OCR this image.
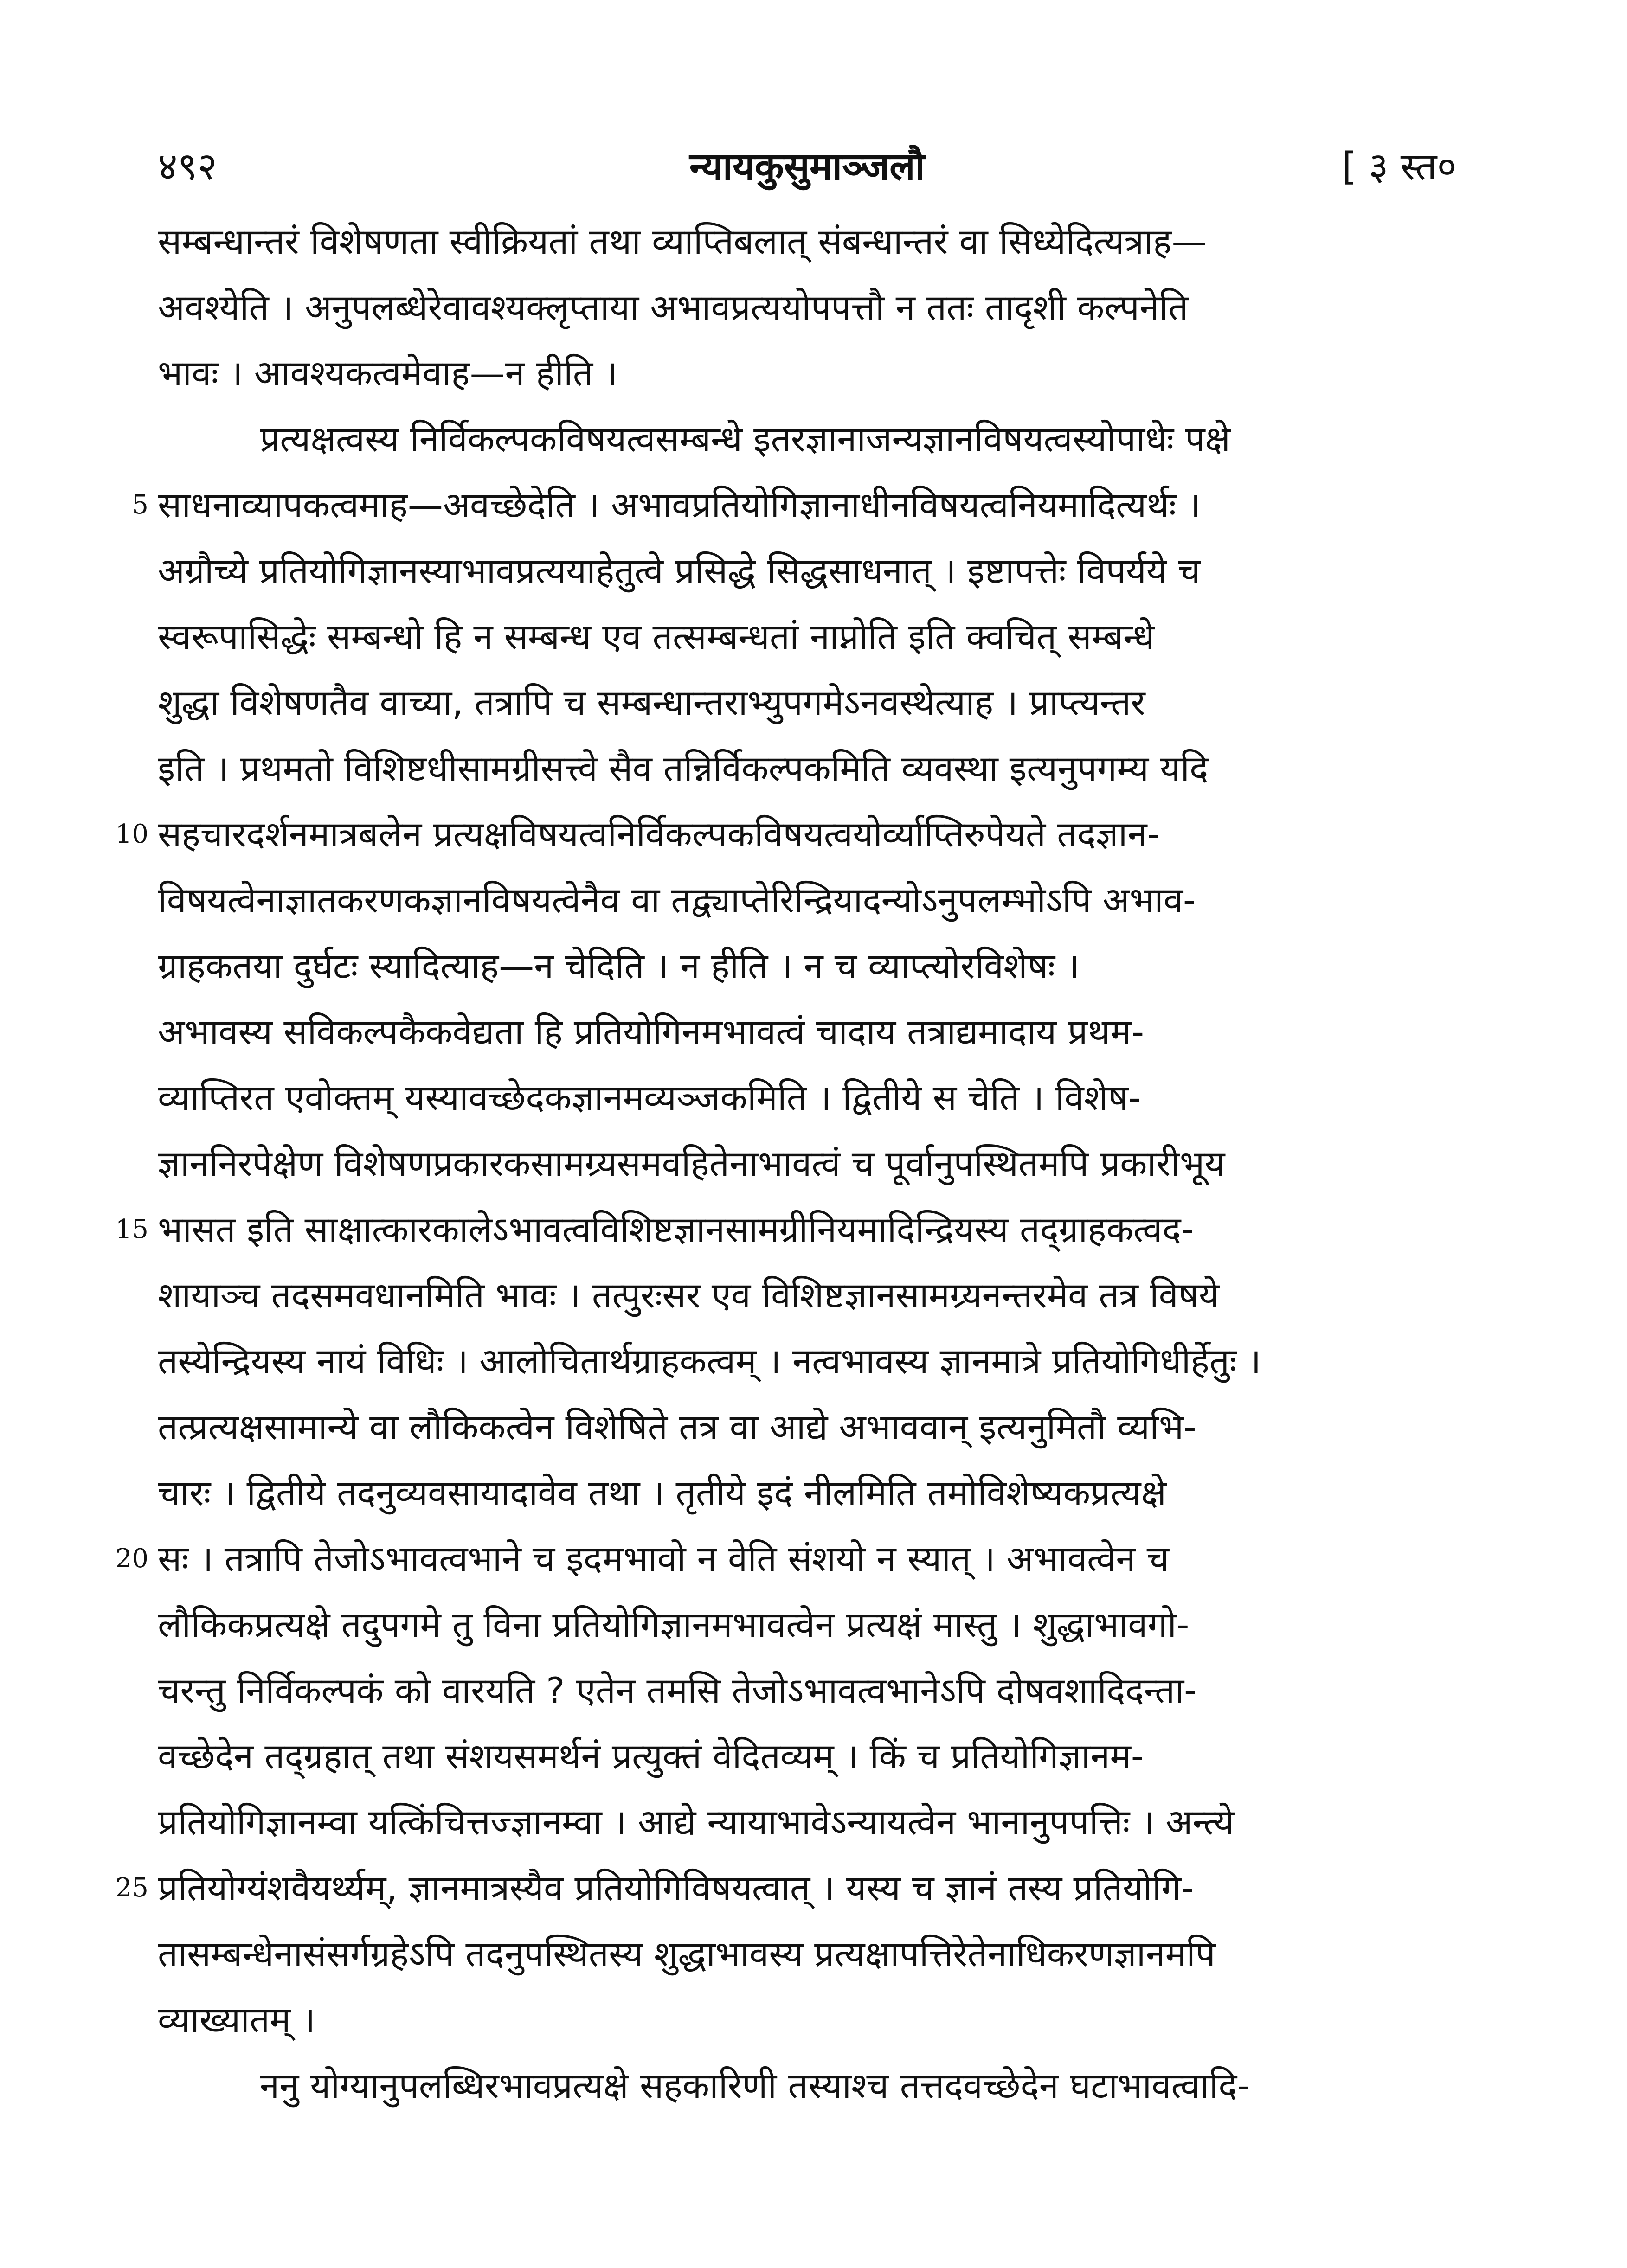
४९२	न्यायकुसुमाञ्जलौ	[ ३ स्त०
सम्बन्धान्तरं विशेषणता स्वीक्रियतां तथा व्याप्तिबलात् संबन्धान्तरं वा सिध्येदित्यत्राह—
अवश्येति । अनुपलब्धेरेवावश्यक्लृप्ताया अभावप्रत्ययोपपत्तौ न ततः तादृशी कल्पनेति
भावः । आवश्यकत्वमेवाह—न हीति ।
प्रत्यक्षत्वस्य निर्विकल्पकविषयत्वसम्बन्धे इतरज्ञानाजन्यज्ञानविषयत्वस्योपाधेः पक्षे
5 साधनाव्यापकत्वमाह—अवच्छेदेति । अभावप्रतियोगिज्ञानाधीनविषयत्वनियमादित्यर्थः ।
अग्रौच्ये प्रतियोगिज्ञानस्याभावप्रत्ययाहेतुत्वे प्रसिद्धे सिद्धसाधनात् । इष्टापत्तेः विपर्यये च
स्वरूपासिद्धेः सम्बन्धो हि न सम्बन्ध एव तत्सम्बन्धतां नाप्नोति इति क्वचित् सम्बन्धे
शुद्धा विशेषणतैव वाच्या, तत्रापि च सम्बन्धान्तराभ्युपगमेऽनवस्थेत्याह । प्राप्त्यन्तर
इति । प्रथमतो विशिष्टधीसामग्रीसत्त्वे सैव तन्निर्विकल्पकमिति व्यवस्था इत्यनुपगम्य यदि
10 सहचारदर्शनमात्रबलेन प्रत्यक्षविषयत्वनिर्विकल्पकविषयत्वयोर्व्याप्तिरुपेयते तदज्ञान-
विषयत्वेनाज्ञातकरणकज्ञानविषयत्वेनैव वा तद्व्याप्तेरिन्द्रियादन्योऽनुपलम्भोऽपि अभाव-
ग्राहकतया दुर्घटः स्यादित्याह—न चेदिति । न हीति । न च व्याप्त्योरविशेषः ।
अभावस्य सविकल्पकैकवेद्यता हि प्रतियोगिनमभावत्वं चादाय तत्राद्यमादाय प्रथम-
व्याप्तिरत एवोक्तम् यस्यावच्छेदकज्ञानमव्यञ्जकमिति । द्वितीये स चेति । विशेष-
ज्ञाननिरपेक्षेण विशेषणप्रकारकसामग्र्यसमवहितेनाभावत्वं च पूर्वानुपस्थितमपि प्रकारीभूय
15 भासत इति साक्षात्कारकालेऽभावत्वविशिष्टज्ञानसामग्रीनियमादिन्द्रियस्य तद्ग्राहकत्वद-
शायाञ्च तदसमवधानमिति भावः । तत्पुरःसर एव विशिष्टज्ञानसामग्र्यनन्तरमेव तत्र विषये
तस्येन्द्रियस्य नायं विधिः । आलोचितार्थग्राहकत्वम् । नत्वभावस्य ज्ञानमात्रे प्रतियोगिधीर्हेतुः ।
तत्प्रत्यक्षसामान्ये वा लौकिकत्वेन विशेषिते तत्र वा आद्ये अभाववान् इत्यनुमितौ व्यभि-
चारः । द्वितीये तदनुव्यवसायादावेव तथा । तृतीये इदं नीलमिति तमोविशेष्यकप्रत्यक्षे
20 सः । तत्रापि तेजोऽभावत्वभाने च इदमभावो न वेति संशयो न स्यात् । अभावत्वेन च
लौकिकप्रत्यक्षे तदुपगमे तु विना प्रतियोगिज्ञानमभावत्वेन प्रत्यक्षं मास्तु । शुद्धाभावगो-
चरन्तु निर्विकल्पकं को वारयति ? एतेन तमसि तेजोऽभावत्वभानेऽपि दोषवशादिदन्ता-
वच्छेदेन तद्ग्रहात् तथा संशयसमर्थनं प्रत्युक्तं वेदितव्यम् । किं च प्रतियोगिज्ञानम-
प्रतियोगिज्ञानम्वा यत्किंचित्तज्ज्ञानम्वा । आद्ये न्यायाभावेऽन्यायत्वेन भानानुपपत्तिः । अन्त्ये
25 प्रतियोग्यंशवैयर्थ्यम्, ज्ञानमात्रस्यैव प्रतियोगिविषयत्वात् । यस्य च ज्ञानं तस्य प्रतियोगि-
तासम्बन्धेनासंसर्गग्रहेऽपि तदनुपस्थितस्य शुद्धाभावस्य प्रत्यक्षापत्तिरेतेनाधिकरणज्ञानमपि
व्याख्यातम् ।
ननु योग्यानुपलब्धिरभावप्रत्यक्षे सहकारिणी तस्याश्च तत्तदवच्छेदेन घटाभावत्वादि-
